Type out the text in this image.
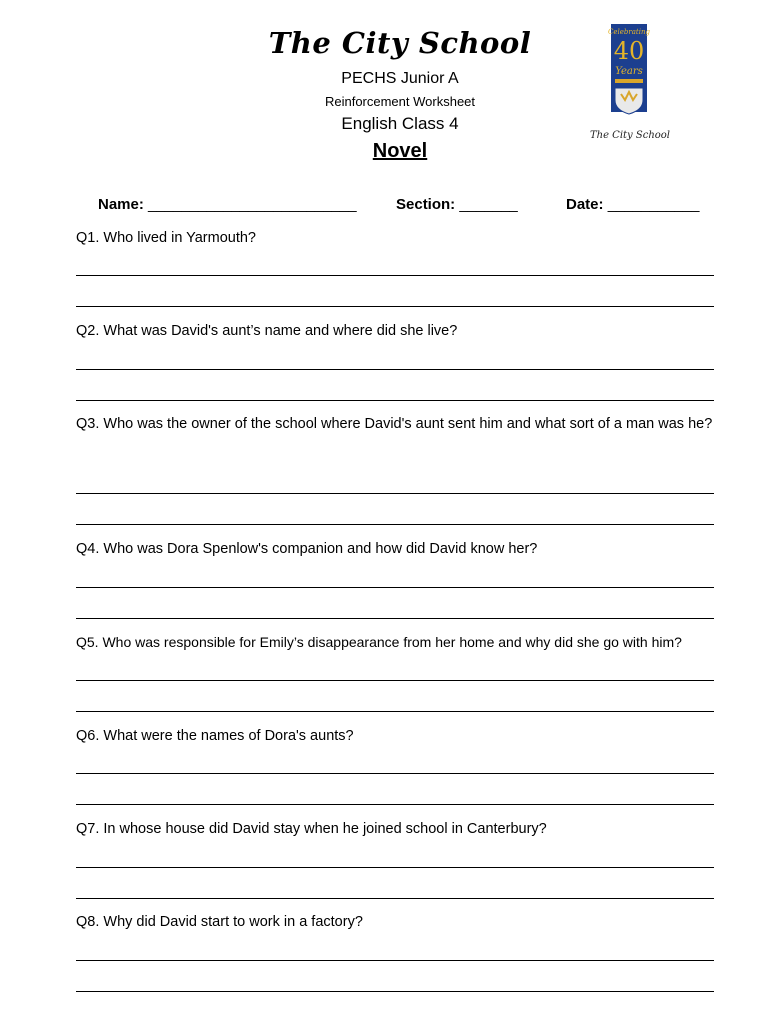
The City School
PECHS Junior A
Reinforcement Worksheet
English Class 4
Novel
Celebrating
40
Years
The City School
Name: _________________________	Section: _______	Date: ___________
Q1. Who lived in Yarmouth?
Q2. What was David's aunt’s name and where did she live?
Q3. Who was the owner of the school where David's aunt sent him and what sort of a man was he?
Q4. Who was Dora Spenlow's companion and how did David know her?
Q5. Who was responsible for Emily’s disappearance from her home and why did she go with him?
Q6. What were the names of Dora's aunts?
Q7. In whose house did David stay when he joined school in Canterbury?
Q8. Why did David start to work in a factory?
